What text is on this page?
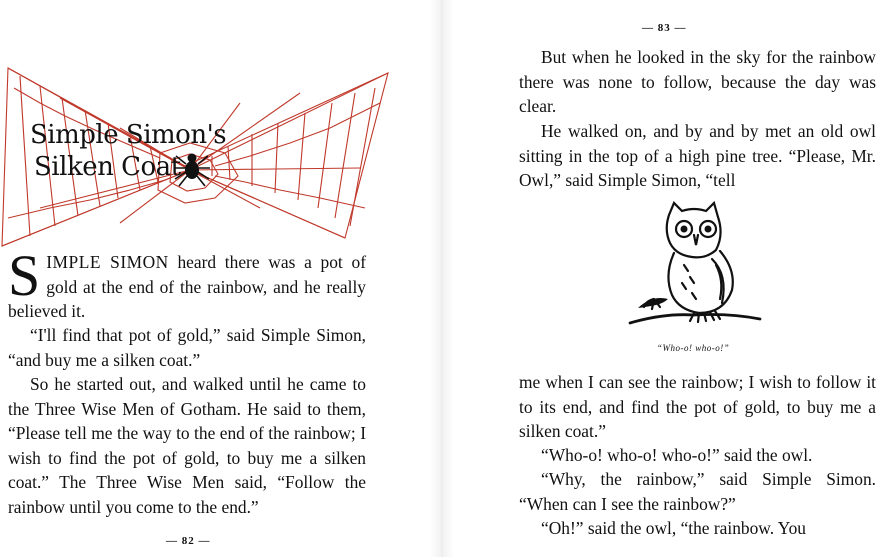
Simple Simon's
Silken Coat

SIMPLE SIMON heard there was a pot of gold at the end of the rainbow, and he really believed it.

“I'll find that pot of gold,” said Simple Simon, “and buy me a silken coat.”

So he started out, and walked until he came to the Three Wise Men of Gotham. He said to them, “Please tell me the way to the end of the rainbow; I wish to find the pot of gold, to buy me a silken coat.” The Three Wise Men said, “Follow the rainbow until you come to the end.”

— 82 —
— 83 —

But when he looked in the sky for the rainbow there was none to follow, because the day was clear.

He walked on, and by and by met an old owl sitting in the top of a high pine tree. “Please, Mr. Owl,” said Simple Simon, “tell

“Who-o! who-o!”

me when I can see the rainbow; I wish to follow it to its end, and find the pot of gold, to buy me a silken coat.”

“Who-o! who-o! who-o!” said the owl.

“Why, the rainbow,” said Simple Simon. “When can I see the rainbow?”

“Oh!” said the owl, “the rainbow. You
